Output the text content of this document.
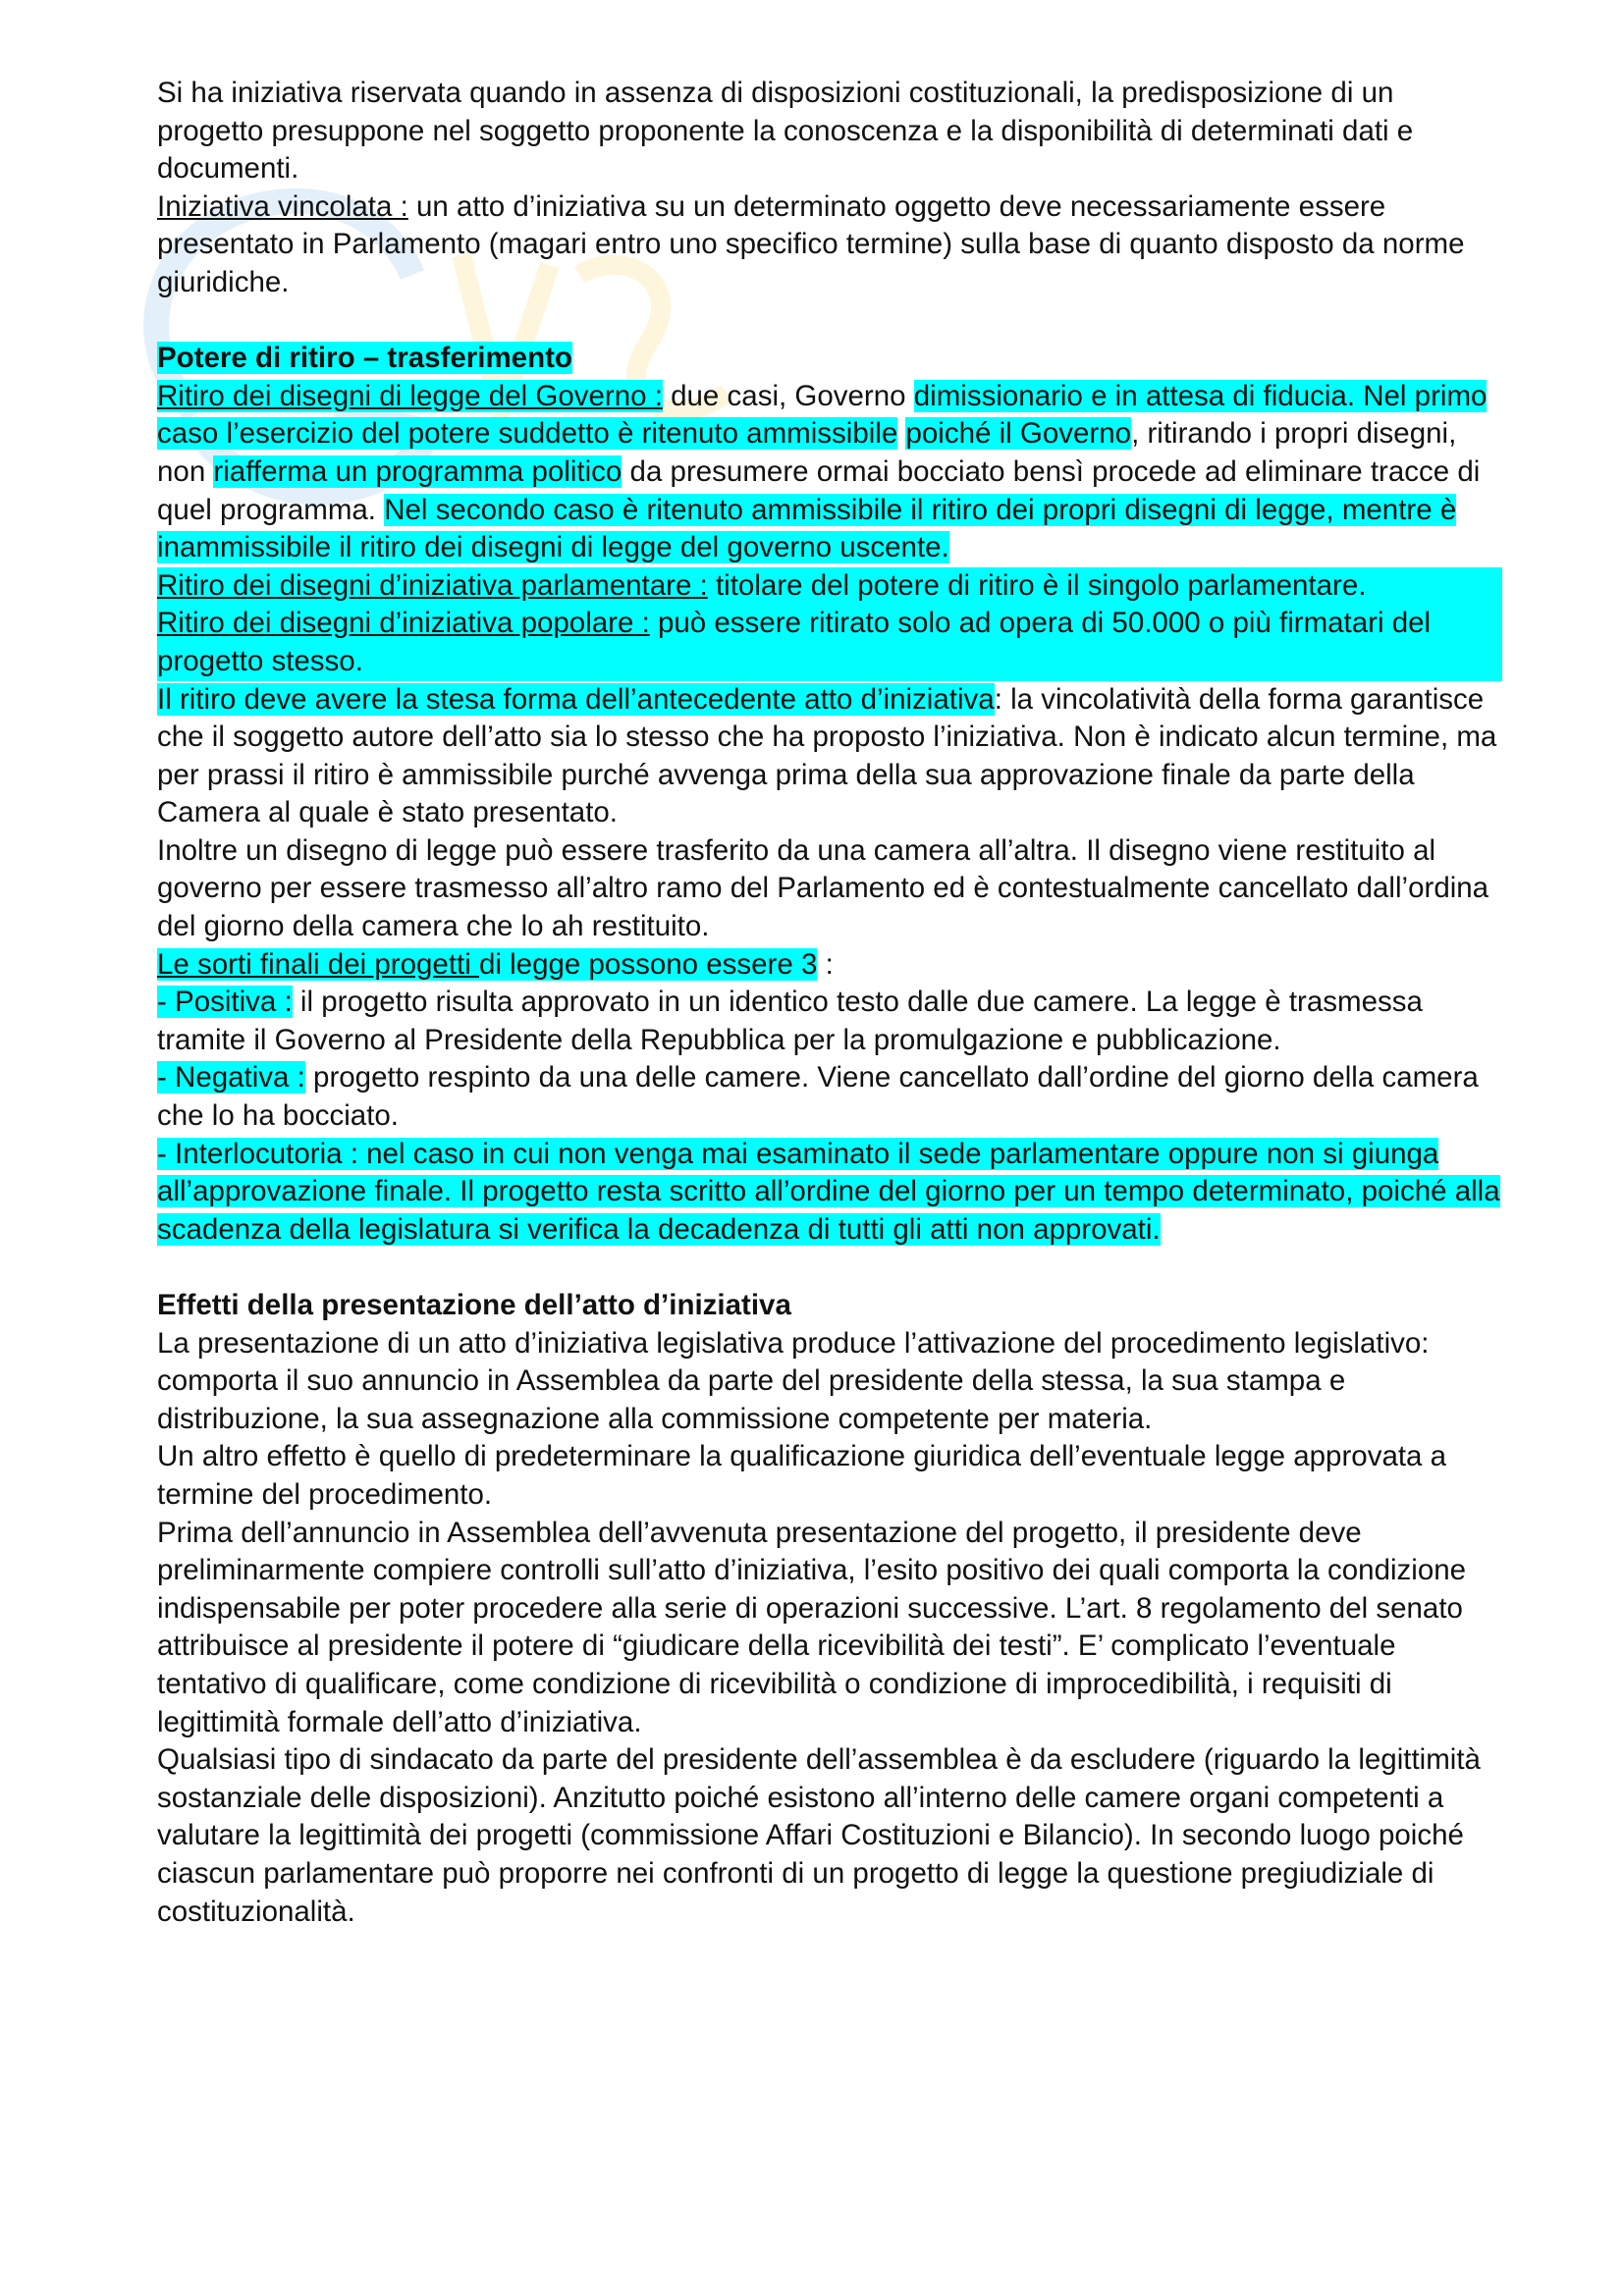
Si ha iniziativa riservata quando in assenza di disposizioni costituzionali, la predisposizione di un progetto presuppone nel soggetto proponente la conoscenza e la disponibilità di determinati dati e documenti.

Iniziativa vincolata : un atto d’iniziativa su un determinato oggetto deve necessariamente essere presentato in Parlamento (magari entro uno specifico termine) sulla base di quanto disposto da norme giuridiche.

Potere di ritiro – trasferimento

Ritiro dei disegni di legge del Governo : due casi, Governo dimissionario e in attesa di fiducia. Nel primo caso l’esercizio del potere suddetto è ritenuto ammissibile poiché il Governo, ritirando i propri disegni, non riafferma un programma politico da presumere ormai bocciato bensì procede ad eliminare tracce di quel programma. Nel secondo caso è ritenuto ammissibile il ritiro dei propri disegni di legge, mentre è inammissibile il ritiro dei disegni di legge del governo uscente.

Ritiro dei disegni d’iniziativa parlamentare : titolare del potere di ritiro è il singolo parlamentare.

Ritiro dei disegni d’iniziativa popolare : può essere ritirato solo ad opera di 50.000 o più firmatari del progetto stesso.

Il ritiro deve avere la stesa forma dell’antecedente atto d’iniziativa: la vincolatività della forma garantisce che il soggetto autore dell’atto sia lo stesso che ha proposto l’iniziativa. Non è indicato alcun termine, ma per prassi il ritiro è ammissibile purché avvenga prima della sua approvazione finale da parte della Camera al quale è stato presentato.

Inoltre un disegno di legge può essere trasferito da una camera all’altra. Il disegno viene restituito al governo per essere trasmesso all’altro ramo del Parlamento ed è contestualmente cancellato dall’ordina del giorno della camera che lo ah restituito.

Le sorti finali dei progetti di legge possono essere 3 :

- Positiva : il progetto risulta approvato in un identico testo dalle due camere. La legge è trasmessa tramite il Governo al Presidente della Repubblica per la promulgazione e pubblicazione.

- Negativa : progetto respinto da una delle camere. Viene cancellato dall’ordine del giorno della camera che lo ha bocciato.

- Interlocutoria : nel caso in cui non venga mai esaminato il sede parlamentare oppure non si giunga all’approvazione finale. Il progetto resta scritto all’ordine del giorno per un tempo determinato, poiché alla scadenza della legislatura si verifica la decadenza di tutti gli atti non approvati.

Effetti della presentazione dell’atto d’iniziativa

La presentazione di un atto d’iniziativa legislativa produce l’attivazione del procedimento legislativo: comporta il suo annuncio in Assemblea da parte del presidente della stessa, la sua stampa e distribuzione, la sua assegnazione alla commissione competente per materia.

Un altro effetto è quello di predeterminare la qualificazione giuridica dell’eventuale legge approvata a termine del procedimento.

Prima dell’annuncio in Assemblea dell’avvenuta presentazione del progetto, il presidente deve preliminarmente compiere controlli sull’atto d’iniziativa, l’esito positivo dei quali comporta la condizione indispensabile per poter procedere alla serie di operazioni successive. L’art. 8 regolamento del senato attribuisce al presidente il potere di “giudicare della ricevibilità dei testi”. E’ complicato l’eventuale tentativo di qualificare, come condizione di ricevibilità o condizione di improcedibilità, i requisiti di legittimità formale dell’atto d’iniziativa.

Qualsiasi tipo di sindacato da parte del presidente dell’assemblea è da escludere (riguardo la legittimità sostanziale delle disposizioni). Anzitutto poiché esistono all’interno delle camere organi competenti a valutare la legittimità dei progetti (commissione Affari Costituzioni e Bilancio). In secondo luogo poiché ciascun parlamentare può proporre nei confronti di un progetto di legge la questione pregiudiziale di costituzionalità.
